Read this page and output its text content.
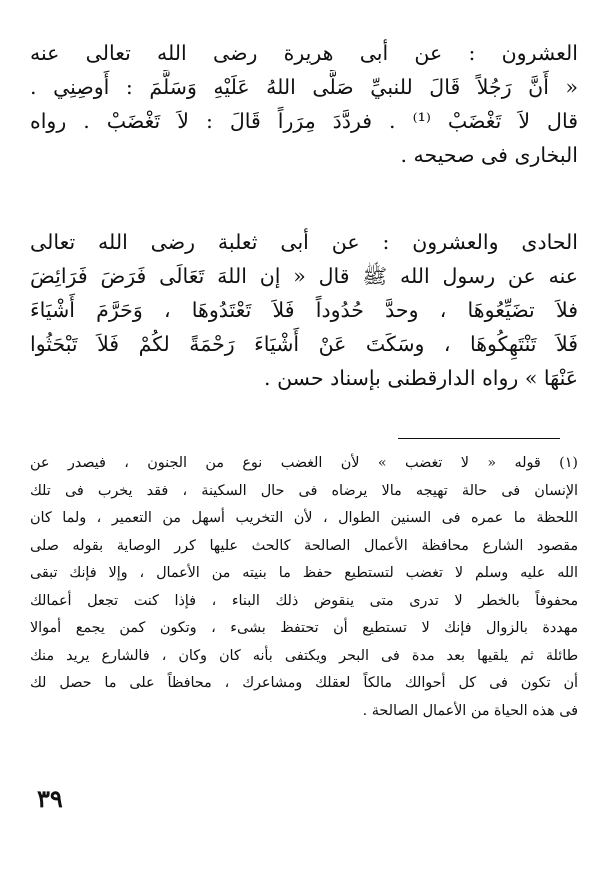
العشرون : عن أبى هريرة رضى الله تعالى عنه
« أَنَّ رَجُلاً قَالَ للنبيِّ صَلَّى اللهُ عَلَيْهِ وَسَلَّمَ : أَوصِنِي .
قال لاَ تَغْضَبْ ⁽¹⁾ . فردَّدَ مِرَراً قَالَ : لاَ تَغْضَبْ . رواه
البخارى فى صحيحه .
الحادى والعشرون : عن أبى ثعلبة رضى الله تعالى
عنه عن رسول الله ﷺ قال « إن اللهَ تَعَالَى فَرَضَ فَرَائِضَ
فلاَ تضَيِّعُوهَا ، وحدَّ حُدُوداً فَلاَ تَعْتَدُوهَا ، وَحَرَّمَ أَشْيَاءَ
فَلاَ تَنْتَهِكُوهَا ، وسَكَتَ عَنْ أَشْيَاءَ رَحْمَةً لكُمْ فَلاَ تَبْحَثُوا
عَنْهَا » رواه الدارقطنى بإسناد حسن .
(١) قوله « لا تغضب » لأن الغضب نوع من الجنون ، فيصدر عن
الإنسان فى حالة تهيجه مالا يرضاه فى حال السكينة ، فقد يخرب فى تلك
اللحظة ما عمره فى السنين الطوال ، لأن التخريب أسهل من التعمير ، ولما كان
مقصود الشارع محافظة الأعمال الصالحة كالحث عليها كرر الوصاية بقوله صلى
الله عليه وسلم لا تغضب لتستطيع حفظ ما بنيته من الأعمال ، وإلا فإنك تبقى
محفوفاً بالخطر لا تدرى متى ينقوض ذلك البناء ، فإذا كنت تجعل أعمالك
مهددة بالزوال فإنك لا تستطيع أن تحتفظ بشىء ، وتكون كمن يجمع أموالا
طائلة ثم يلقيها بعد مدة فى البحر ويكتفى بأنه كان وكان ، فالشارع يريد منك
أن تكون فى كل أحوالك مالكاً لعقلك ومشاعرك ، محافظاً على ما حصل لك
فى هذه الحياة من الأعمال الصالحة .
٣٩
